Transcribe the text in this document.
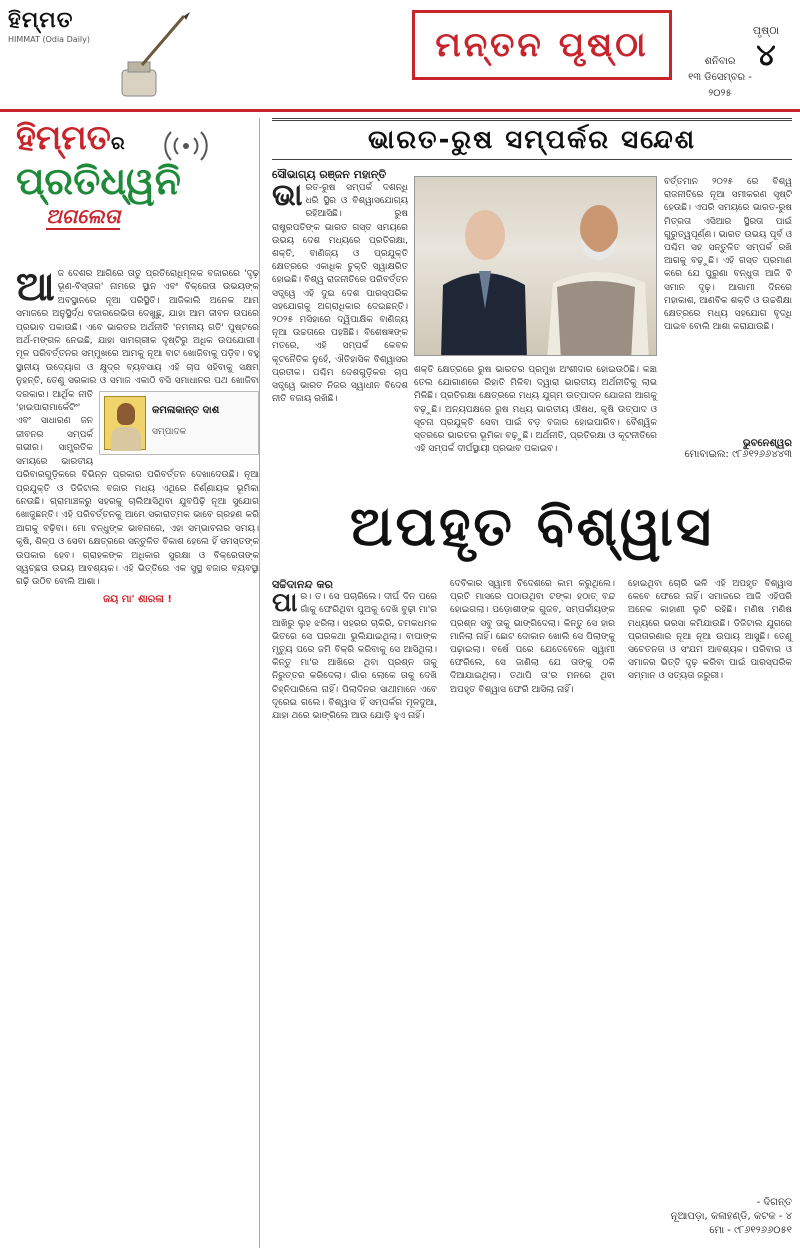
ହିମ୍ମତ
HIMMAT (Odia Daily)	ମନ୍ତନ ପୃଷ୍ଠା	ପୃଷ୍ଠା
୪
ଶନିବାର
୧୩ ଡିସେମ୍ବର - ୨୦୨୫
ହିମ୍ମତର
ପ୍ରତିଧ୍ୱନି
ଅଗଲେତା
ଆ ଜ ଦେଶର ଆଗିରେ ତାତୁ ପ୍ରତିରୋଧିମୂଳକ ବଜାରରେ 'ଦୃଢ଼ ଭୂଣ-ବିସ୍ତାର' ନାମରେ ସ୍ଥାନ ଏବଂ ବିକ୍ରେତା ଉଭୟଙ୍କ ଅବସ୍ଥାନରେ ନୂଆ ପରିସ୍ଥିତି। ଆଜିକାଲି ଅନେକ ଆମ ସମାଜରେ ଅନୁସ୍ଥିର୍ଦ୍ଧ ବଜାରରେଭିତା ଦେଖୁଛୁ, ଯାହା ଆମ ଜୀବନ ଉପରେ ପ୍ରଭାବ ପକାଉଛି। ଏବେ ଭାରତର ଅର୍ଥନୀତି 'ନମନୀୟ ଗତି' ପୁଷ୍ଟରେ ଅର୍ଥ-ମଙ୍ଗଳ ନେଇଛି, ଯାହା ସାମଗ୍ରୀକ ଦୃଷ୍ଟିରୁ ଅଧିକ ଉପଯୋଗୀ। ମୂଳ ପରିବର୍ତ୍ତନର ସମ୍ମୁଖରେ ଆମକୁ ନୂଆ ବାଟ ଖୋଜିବାକୁ ପଡ଼ିବ। ବହୁ ସ୍ଥାନୀୟ ଉଦ୍ୟୋଗ ଓ କ୍ଷୁଦ୍ର ବ୍ୟବସାୟ ଏହି ଚାପ ସହିବାକୁ ସକ୍ଷମ ନୁହନ୍ତି, ତେଣୁ ସରକାର ଓ ସମାଜ ଏକାଠି ବସି ସମାଧାନର ପଥ ଖୋଜିବା ଦରକାର।
କମଳାକାନ୍ତ ଦାଶ
ସମ୍ପାଦକ
ଆର୍ଥିକ ନୀତି 'ହାଇପାରାମାର୍କେଟିଂ' ଏବଂ ସାଧାରଣ ଜନ ଜୀବନର ସମ୍ପର୍କ ଗଭୀର। ସାମ୍ପ୍ରତିକ ସମୟରେ ଭାରତୀୟ ପରିବାରଗୁଡ଼ିକରେ ବିଭିନ୍ନ ପ୍ରକାର ପରିବର୍ତ୍ତନ ଦେଖାଦେଉଛି। ନୂଆ ପ୍ରଯୁକ୍ତି ଓ ଡିଜିଟାଲ ବଜାର ମଧ୍ୟ ଏଥିରେ ନିର୍ଣ୍ଣାୟକ ଭୂମିକା ନେଉଛି। ଗ୍ରାମାଞ୍ଚଳରୁ ସହରକୁ ଚାଲିଆସିଥିବା ଯୁବପିଢ଼ି ନୂଆ ସୁଯୋଗ ଖୋଜୁଛନ୍ତି। ଏହି ପରିବର୍ତ୍ତନକୁ ଆମେ ସକାରାତ୍ମକ ଭାବେ ଗ୍ରହଣ କରି ଆଗକୁ ବଢ଼ିବା। ମୋ ବନ୍ଧୁଙ୍କ ଭାବନାରେ, ଏହା ସମ୍ଭାବନାର ସମୟ। କୃଷି, ଶିଳ୍ପ ଓ ସେବା କ୍ଷେତ୍ରରେ ସନ୍ତୁଳିତ ବିକାଶ ହେଲେ ହିଁ ସମସ୍ତଙ୍କ ଉପକାର ହେବ। ଗ୍ରାହକଙ୍କ ଅଧିକାର ସୁରକ୍ଷା ଓ ବିକ୍ରେତାଙ୍କ ସ୍ୱଚ୍ଛତା ଉଭୟ ଆବଶ୍ୟକ। ଏହି ଭିତ୍ତିରେ ଏକ ସୁସ୍ଥ ବଜାର ବ୍ୟବସ୍ଥା ଗଢ଼ି ଉଠିବ ବୋଲି ଆଶା।
ଜୟ ମା' ଶାରଳା !
ଭାରତ-ରୁଷ ସମ୍ପର୍କର ସନ୍ଦେଶ
ସୌଭାଗ୍ୟ ରଞ୍ଜନ ମହାନ୍ତି
ଭା ରତ-ରୁଷ ସମ୍ପର୍କ ଦଶନ୍ଧି ଧରି ସ୍ଥିର ଓ ବିଶ୍ୱାସଯୋଗ୍ୟ ରହିଆସିଛି। ରୁଷ ରାଷ୍ଟ୍ରପତିଙ୍କ ଭାରତ ଗସ୍ତ ସମୟରେ ଉଭୟ ଦେଶ ମଧ୍ୟରେ ପ୍ରତିରକ୍ଷା, ଶକ୍ତି, ବାଣିଜ୍ୟ ଓ ପ୍ରଯୁକ୍ତି କ୍ଷେତ୍ରରେ ଏକାଧିକ ଚୁକ୍ତି ସ୍ୱାକ୍ଷରିତ ହୋଇଛି। ବିଶ୍ୱ ରାଜନୀତିରେ ପରିବର୍ତ୍ତନ ସତ୍ତ୍ୱେ ଏହି ଦୁଇ ଦେଶ ପାରସ୍ପରିକ ସହଯୋଗକୁ ଅଗ୍ରାଧିକାର ଦେଇଛନ୍ତି। ୨୦୨୫ ମସିହାରେ ଦ୍ୱିପାକ୍ଷିକ ବାଣିଜ୍ୟ ନୂଆ ଉଚ୍ଚତାରେ ପହଞ୍ଚିଛି। ବିଶେଷଜ୍ଞଙ୍କ ମତରେ, ଏହି ସମ୍ପର୍କ କେବଳ କୂଟନୈତିକ ନୁହେଁ, ଐତିହାସିକ ବିଶ୍ୱାସର ପ୍ରତୀକ। ପଶ୍ଚିମ ଦେଶଗୁଡ଼ିକର ଚାପ ସତ୍ତ୍ୱେ ଭାରତ ନିଜର ସ୍ୱାଧୀନ ବିଦେଶ ନୀତି ବଜାୟ ରଖିଛି।
ବର୍ତ୍ତମାନ ୨୦୨୫ ରେ ବିଶ୍ୱ ରାଜନୀତିରେ ନୂଆ ସମୀକରଣ ସୃଷ୍ଟି ହେଉଛି। ଏପରି ସମୟରେ ଭାରତ-ରୁଷ ମିତ୍ରତା ଏସିଆର ସ୍ଥିରତା ପାଇଁ ଗୁରୁତ୍ୱପୂର୍ଣ୍ଣ। ଭାରତ ଉଭୟ ପୂର୍ବ ଓ ପଶ୍ଚିମ ସହ ସନ୍ତୁଳିତ ସମ୍ପର୍କ ରଖି ଆଗକୁ ବଢ଼ୁଛି। ଏହି ଗସ୍ତ ପ୍ରମାଣ କରେ ଯେ ପୁରୁଣା ବନ୍ଧୁତା ଆଜି ବି ସମାନ ଦୃଢ଼। ଆଗାମୀ ଦିନରେ ମହାକାଶ, ଆଣବିକ ଶକ୍ତି ଓ ଉଚ୍ଚଶିକ୍ଷା କ୍ଷେତ୍ରରେ ମଧ୍ୟ ସହଯୋଗ ବୃଦ୍ଧି ପାଇବ ବୋଲି ଆଶା କରାଯାଉଛି।
ଶକ୍ତି କ୍ଷେତ୍ରରେ ରୁଷ ଭାରତର ପ୍ରମୁଖ ଅଂଶୀଦାର ହୋଇଉଠିଛି। କଞ୍ଚା ତେଲ ଯୋଗାଣରେ ରିହାତି ମିଳିବା ଦ୍ୱାରା ଭାରତୀୟ ଅର୍ଥନୀତିକୁ ଲାଭ ମିଳିଛି। ପ୍ରତିରକ୍ଷା କ୍ଷେତ୍ରରେ ମଧ୍ୟ ଯୁଗ୍ମ ଉତ୍ପାଦନ ଯୋଜନା ଆଗକୁ ବଢ଼ୁଛି। ଅନ୍ୟପକ୍ଷରେ ରୁଷ ମଧ୍ୟ ଭାରତୀୟ ଔଷଧ, କୃଷି ଉତ୍ପାଦ ଓ ସୂଚନା ପ୍ରଯୁକ୍ତି ସେବା ପାଇଁ ବଡ଼ ବଜାର ହୋଇପାରିବ। ବୈଶ୍ୱିକ ସ୍ତରରେ ଭାରତର ଭୂମିକା ବଢ଼ୁଛି। ଅର୍ଥନୀତି, ପ୍ରତିରକ୍ଷା ଓ କୂଟନୀତିରେ ଏହି ସମ୍ପର୍କ ଦୀର୍ଘସ୍ଥାୟୀ ପ୍ରଭାବ ପକାଇବ।
ଭୁବନେଶ୍ୱର
ମୋବାଇଲ: ୯୮୬୧୨୬୬୪୪୩
ଅପହୃତ ବିଶ୍ୱାସ
ସଚ୍ଚିଦାନନ୍ଦ କର
ପା ର। ତ। ସେ ପଚାରିଲେ। ଦୀର୍ଘ ଦିନ ପରେ ଗାଁକୁ ଫେରିଥିବା ପୁଅକୁ ଦେଖି ବୁଢ଼ୀ ମା'ର ଆଖିରୁ ଲୁହ ଝରିଲା। ସହରର ଚାକିରି, ଚମକଧମକ ଭିତରେ ସେ ଘରକଥା ଭୁଲିଯାଇଥିଲା। ବାପାଙ୍କ ମୃତ୍ୟୁ ପରେ ଜମି ବିକ୍ରି କରିବାକୁ ସେ ଆସିଥିଲା। କିନ୍ତୁ ମା'ର ଆଖିରେ ଥିବା ପ୍ରଶ୍ନ ତାକୁ ନିରୁତ୍ତର କରିଦେଲା। ଗାଁର ଲୋକେ ତାକୁ ଦେଖି ଚିହ୍ନିପାରିଲେ ନାହିଁ। ପିଲାଦିନର ସାଥୀମାନେ ଏବେ ଦୂରେଇ ଗଲେ। ବିଶ୍ୱାସ ହିଁ ସମ୍ପର୍କର ମୂଳଦୁଆ, ଯାହା ଥରେ ଭାଙ୍ଗିଲେ ଆଉ ଯୋଡ଼ି ହୁଏ ନାହିଁ।
ଦେବିକାର ସ୍ୱାମୀ ବିଦେଶରେ କାମ କରୁଥିଲେ। ପ୍ରତି ମାସରେ ପଠାଉଥିବା ଟଙ୍କା ହଠାତ୍ ବନ୍ଦ ହୋଇଗଲା। ପଡ଼ୋଶୀଙ୍କ ଗୁଜବ, ସମ୍ପର୍କୀୟଙ୍କ ପ୍ରଶ୍ନ ସବୁ ତାକୁ ଭାଙ୍ଗିଦେଲା। କିନ୍ତୁ ସେ ହାର ମାନିଲା ନାହିଁ। ଛୋଟ ଦୋକାନ ଖୋଲି ସେ ପିଲାଙ୍କୁ ପଢ଼ାଇଲା। ବର୍ଷେ ପରେ ଯେତେବେଳେ ସ୍ୱାମୀ ଫେରିଲେ, ସେ ଜାଣିଲା ଯେ ତାଙ୍କୁ ଠକି ଦିଆଯାଇଥିଲା। ତଥାପି ତା'ର ମନରେ ଥିବା ଅପହୃତ ବିଶ୍ୱାସ ଫେରି ଆସିଲା ନାହିଁ।
ହୋଇଥିବା ଚୋରି ଭଳି ଏହି ଅପହୃତ ବିଶ୍ୱାସ କେବେ ଫେରେ ନାହିଁ। ସମାଜରେ ଆଜି ଏହିପରି ଅନେକ କାହାଣୀ ଲୁଚି ରହିଛି। ମଣିଷ ମଣିଷ ମଧ୍ୟରେ ଭରସା କମିଯାଉଛି। ଡିଜିଟାଲ ଯୁଗରେ ପ୍ରତାରଣାର ନୂଆ ନୂଆ ଉପାୟ ଆସୁଛି। ତେଣୁ ସଚେତନତା ଓ ସଂଯମ ଆବଶ୍ୟକ। ପରିବାର ଓ ସମାଜର ଭିତ୍ତି ଦୃଢ଼ କରିବା ପାଇଁ ପାରସ୍ପରିକ ସମ୍ମାନ ଓ ସତ୍ୟତା ଜରୁରୀ।
- ଦିଗନ୍ତ
ନୂଆପଡ଼ା, କଳାହଣ୍ଡି, କଟକ - ୪
ମୋ - ୯୮୬୧୨୬୬୦୫୧
